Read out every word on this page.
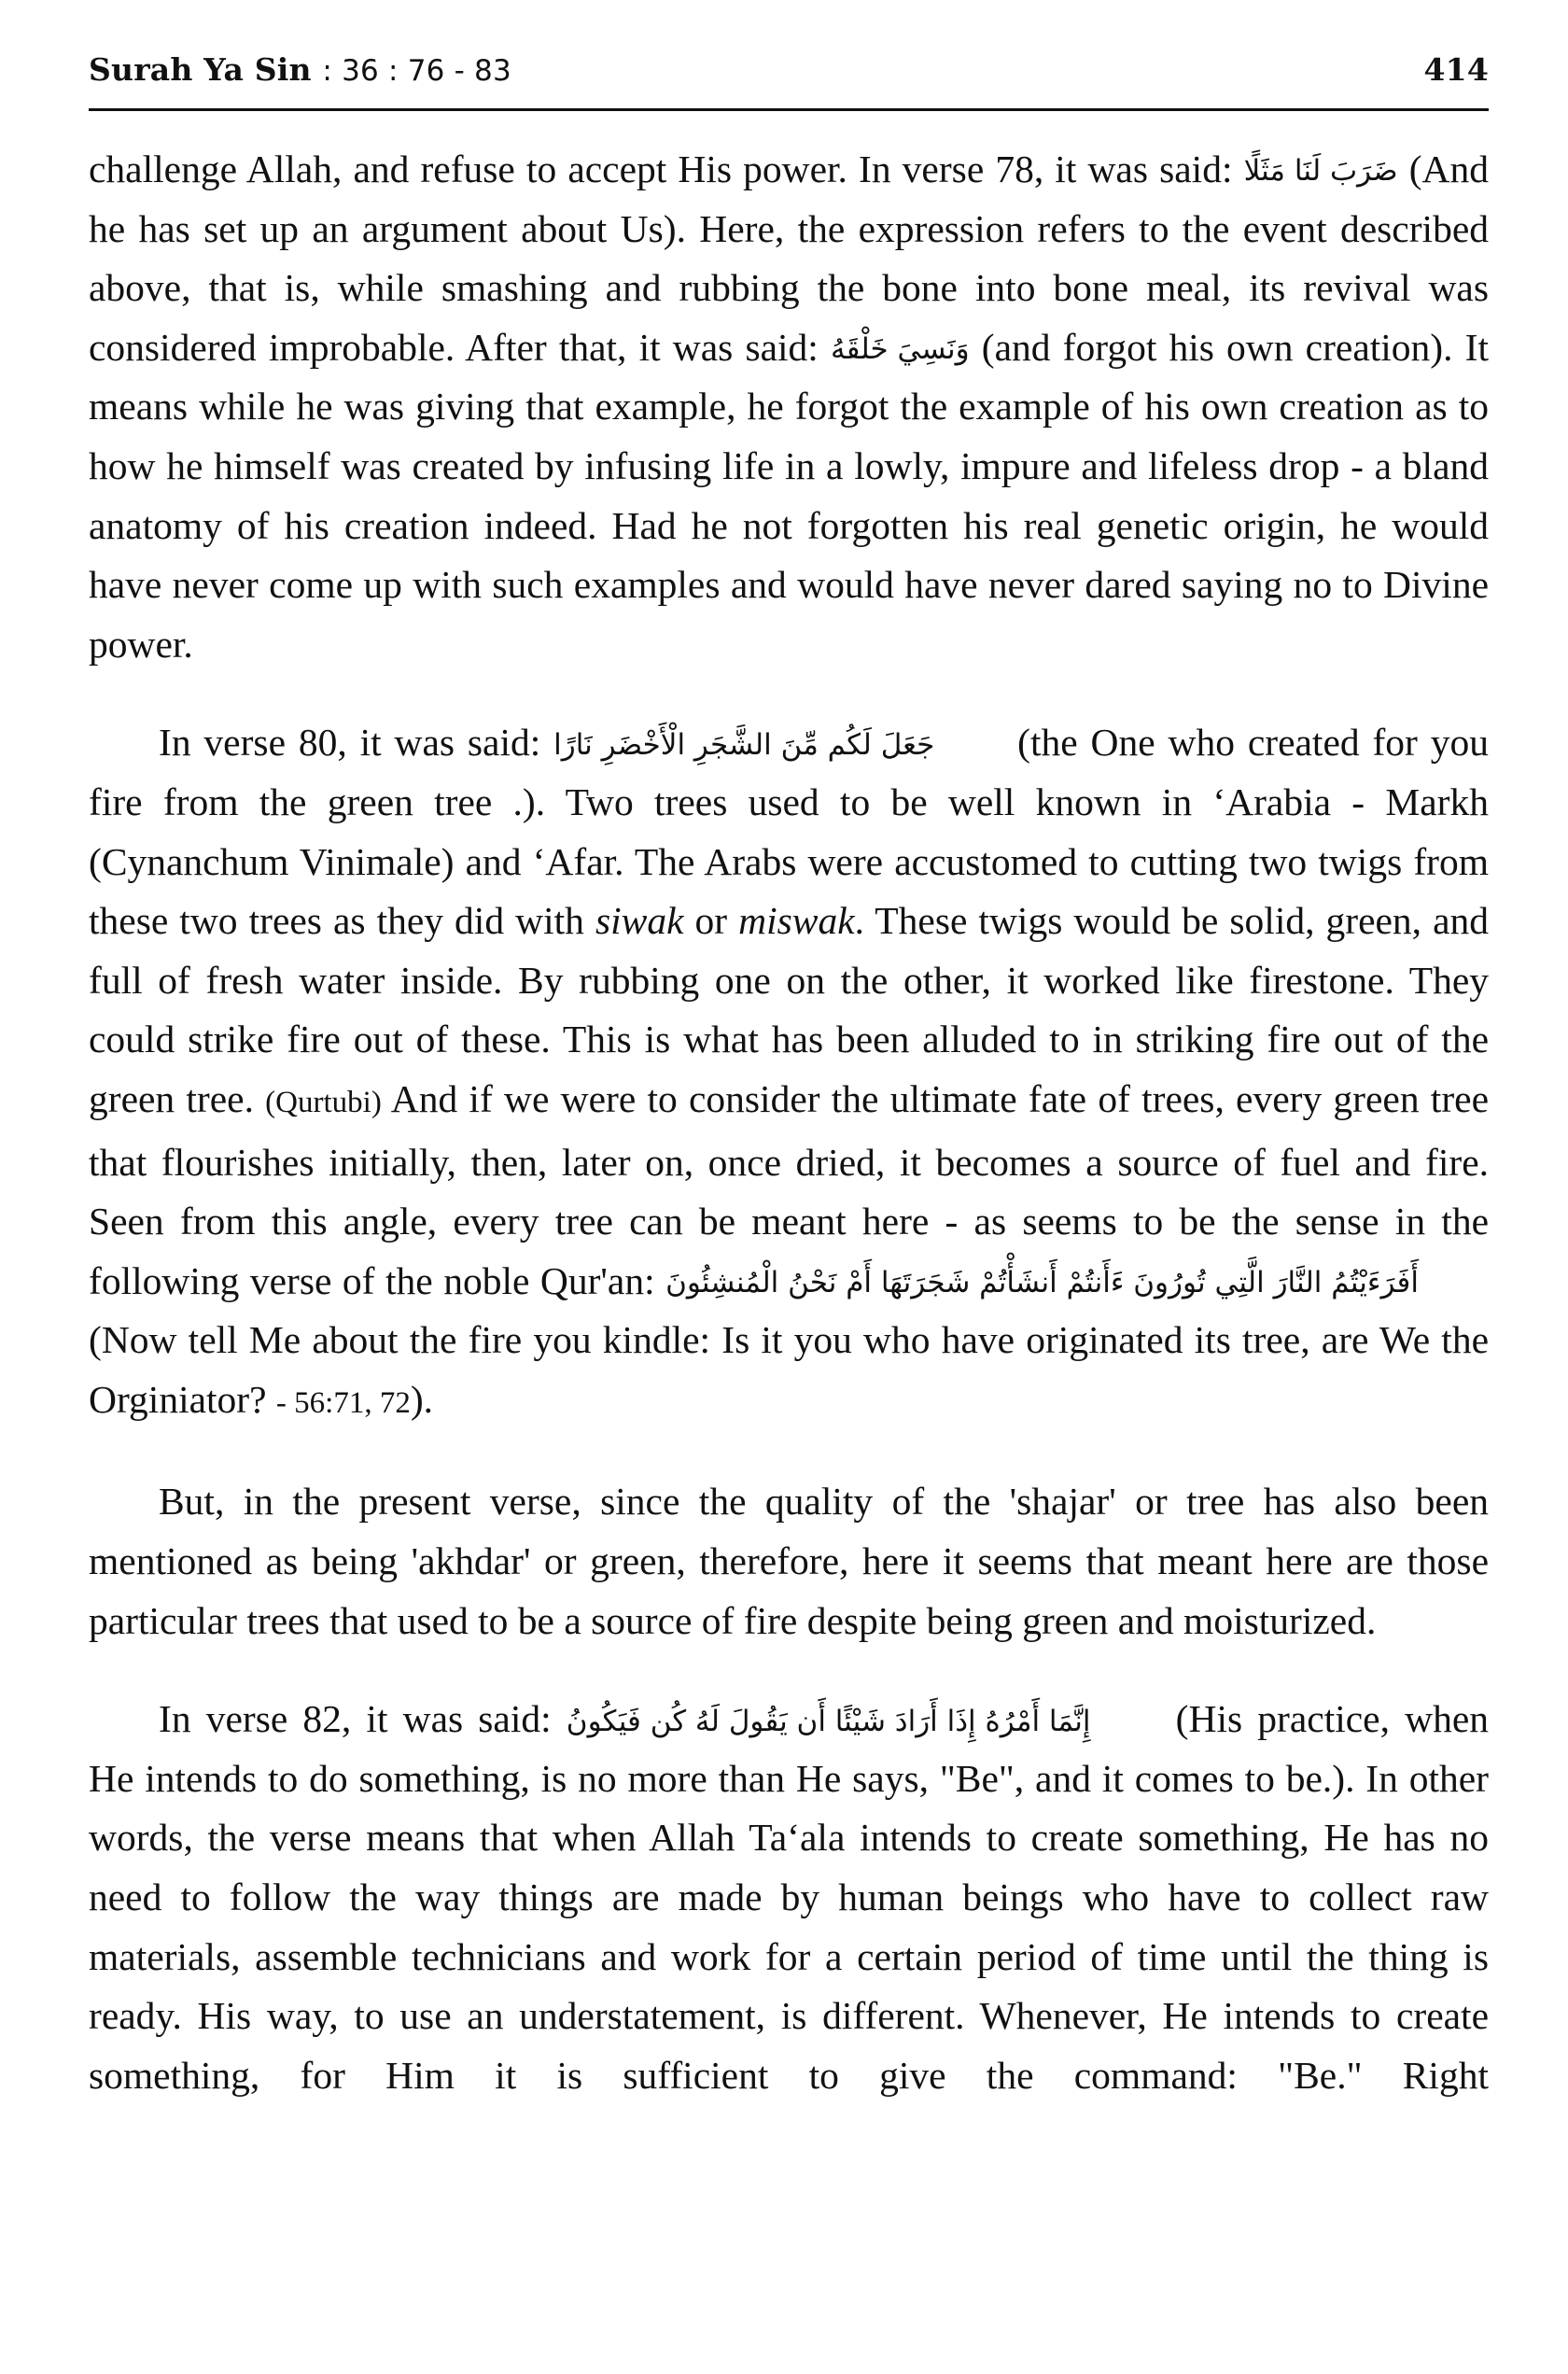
Surah Ya Sin : 36 : 76 - 83	414

challenge Allah, and refuse to accept His power. In verse 78, it was said: ضَرَبَ لَنَا مَثَلًا (And he has set up an argument about Us). Here, the expression refers to the event described above, that is, while smashing and rubbing the bone into bone meal, its revival was considered improbable. After that, it was said: وَنَسِيَ خَلْقَهُ (and forgot his own creation). It means while he was giving that example, he forgot the example of his own creation as to how he himself was created by infusing life in a lowly, impure and lifeless drop - a bland anatomy of his creation indeed. Had he not forgotten his real genetic origin, he would have never come up with such examples and would have never dared saying no to Divine power.

In verse 80, it was said: جَعَلَ لَكُم مِّنَ الشَّجَرِ الْأَخْضَرِ نَارًا (the One who created for you fire from the green tree .). Two trees used to be well known in ‘Arabia - Markh (Cynanchum Vinimale) and ‘Afar. The Arabs were accustomed to cutting two twigs from these two trees as they did with siwak or miswak. These twigs would be solid, green, and full of fresh water inside. By rubbing one on the other, it worked like firestone. They could strike fire out of these. This is what has been alluded to in striking fire out of the green tree. (Qurtubi) And if we were to consider the ultimate fate of trees, every green tree that flourishes initially, then, later on, once dried, it becomes a source of fuel and fire. Seen from this angle, every tree can be meant here - as seems to be the sense in the following verse of the noble Qur'an: أَفَرَءَيْتُمُ النَّارَ الَّتِي تُورُونَ ءَأَنتُمْ أَنشَأْتُمْ شَجَرَتَهَا أَمْ نَحْنُ الْمُنشِئُونَ (Now tell Me about the fire you kindle: Is it you who have originated its tree, are We the Orginiator? - 56:71, 72).

But, in the present verse, since the quality of the 'shajar' or tree has also been mentioned as being 'akhdar' or green, therefore, here it seems that meant here are those particular trees that used to be a source of fire despite being green and moisturized.

In verse 82, it was said: إِنَّمَا أَمْرُهُ إِذَا أَرَادَ شَيْئًا أَن يَقُولَ لَهُ كُن فَيَكُونُ (His practice, when He intends to do something, is no more than He says, "Be", and it comes to be.). In other words, the verse means that when Allah Ta‘ala intends to create something, He has no need to follow the way things are made by human beings who have to collect raw materials, assemble technicians and work for a certain period of time until the thing is ready. His way, to use an understatement, is different. Whenever, He intends to create something, for Him it is sufficient to give the command: "Be." Right
